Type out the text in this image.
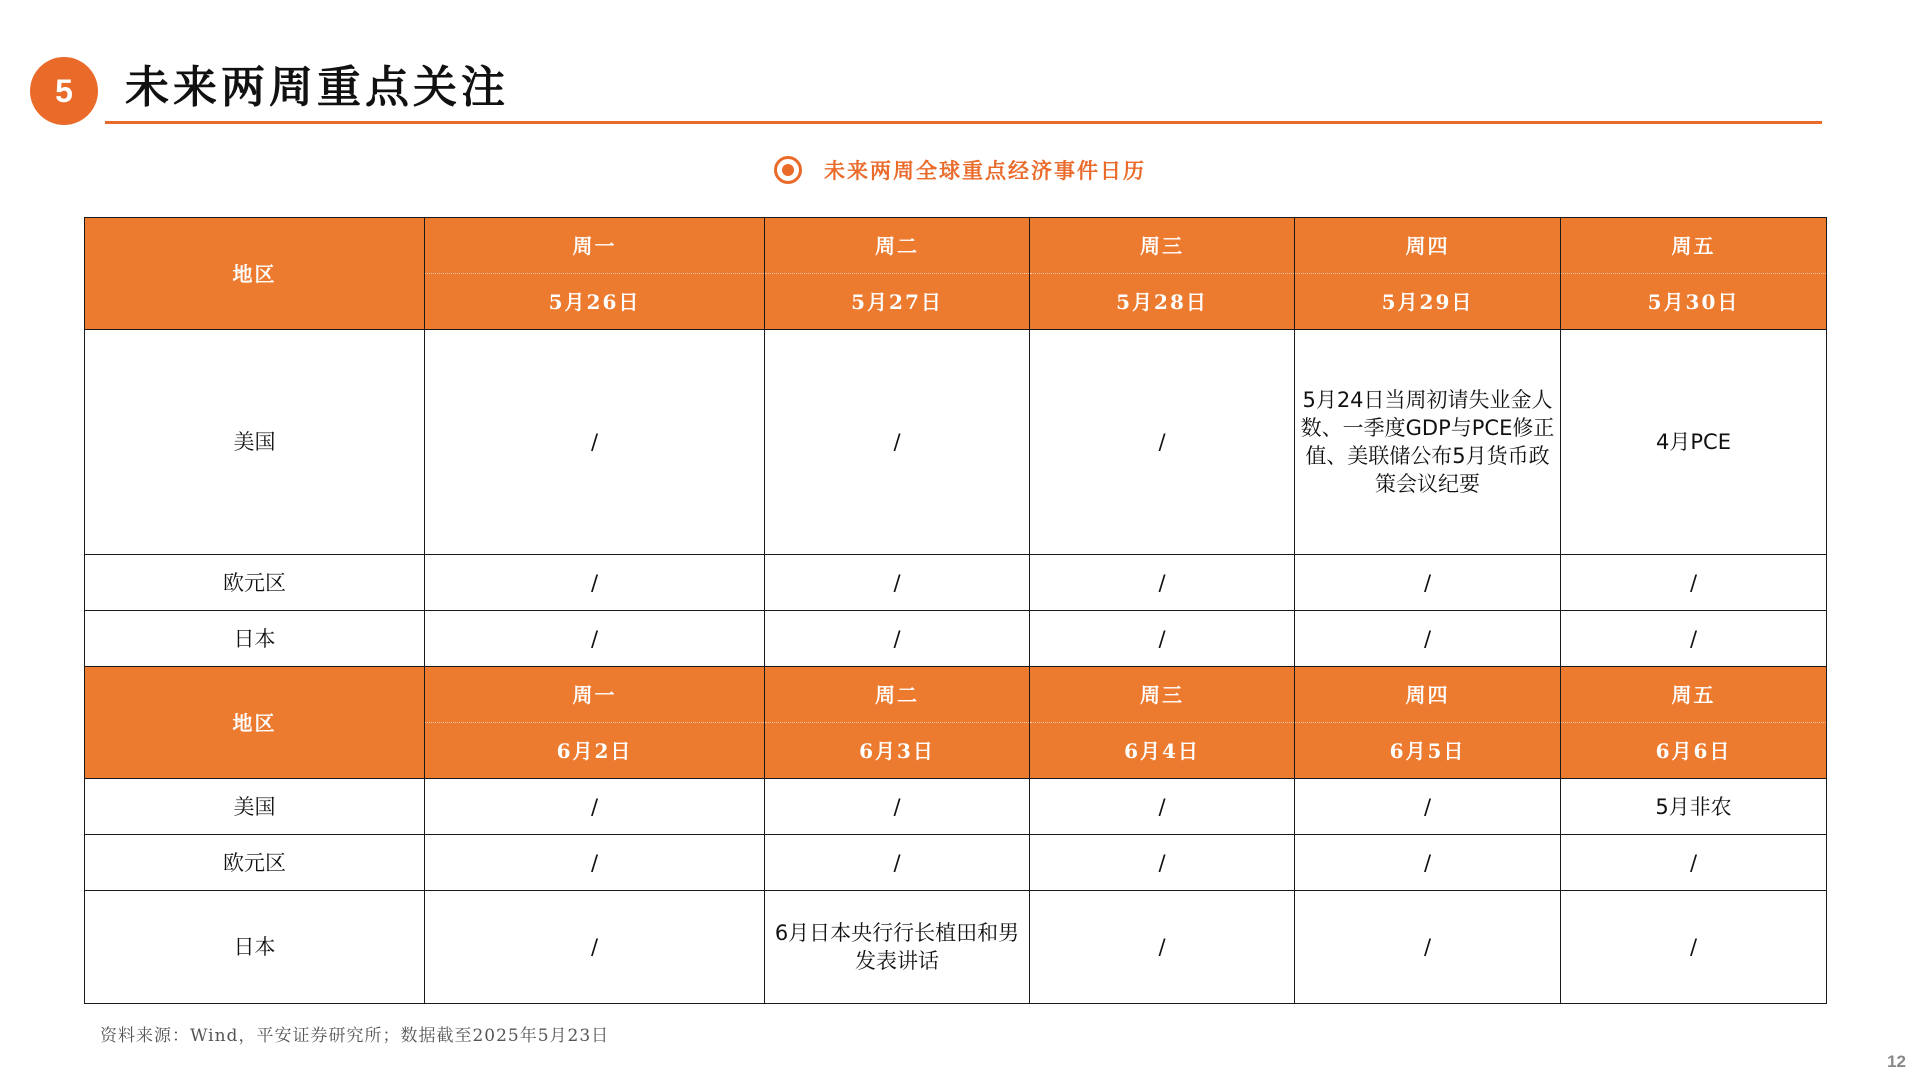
5	未来两周重点关注
未来两周全球重点经济事件日历
地区	周一	周二	周三	周四	周五
	5月26日	5月27日	5月28日	5月29日	5月30日
美国	/	/	/	5月24日当周初请失业金人数、一季度GDP与PCE修正值、美联储公布5月货币政策会议纪要	4月PCE

欧元区	/	/	/	/	/

日本	/	/	/	/	/

地区	周一	周二	周三	周四	周五
	6月2日	6月3日	6月4日	6月5日	6月6日
美国	/	/	/	/	5月非农

欧元区	/	/	/	/	/

日本	/	6月日本央行行长植田和男发表讲话	/	/	/
资料来源：Wind，平安证券研究所；数据截至2025年5月23日
12
